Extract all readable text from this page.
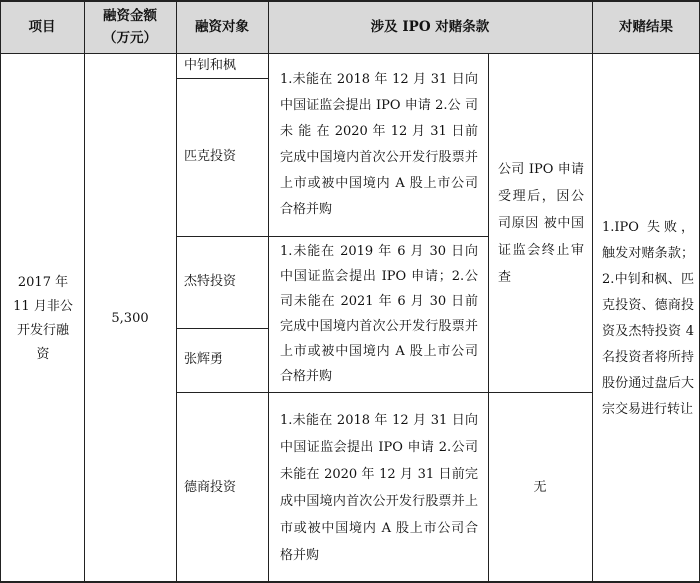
项目
融资金额
（万元）
融资对象	涉及 IPO 对赌条款	对赌结果
2017 年 11 月非公开发行融资
5,300
中钊和枫
匹克投资
杰特投资
张辉勇
德商投资
1.未能在 2018 年 12 月 31 日向中国证监会提出 IPO 申请 2.公 司 未 能 在 2020 年 12 月 31 日前完成中国境内首次公开发行股票并上市或被中国境内 A 股上市公司合格并购
1.未能在 2019 年 6 月 30 日向中国证监会提出 IPO 申请；2.公司未能在 2021 年 6 月 30 日前完成中国境内首次公开发行股票并上市或被中国境内 A 股上市公司合格并购
1.未能在 2018 年 12 月 31 日向 中国证监会提出 IPO 申请 2.公司未能在 2020 年 12 月 31 日前完成中国境内首次公开发行股票并上市或被中国境内 A 股上市公司合格并购
公司 IPO 申请受理后，因公司原因 被中国证监会终止审查
无
1.IPO 失败，触发对赌条款；2.中钊和枫、匹克投资、德商投资及杰特投资 4 名投资者将所持股份通过盘后大宗交易进行转让
